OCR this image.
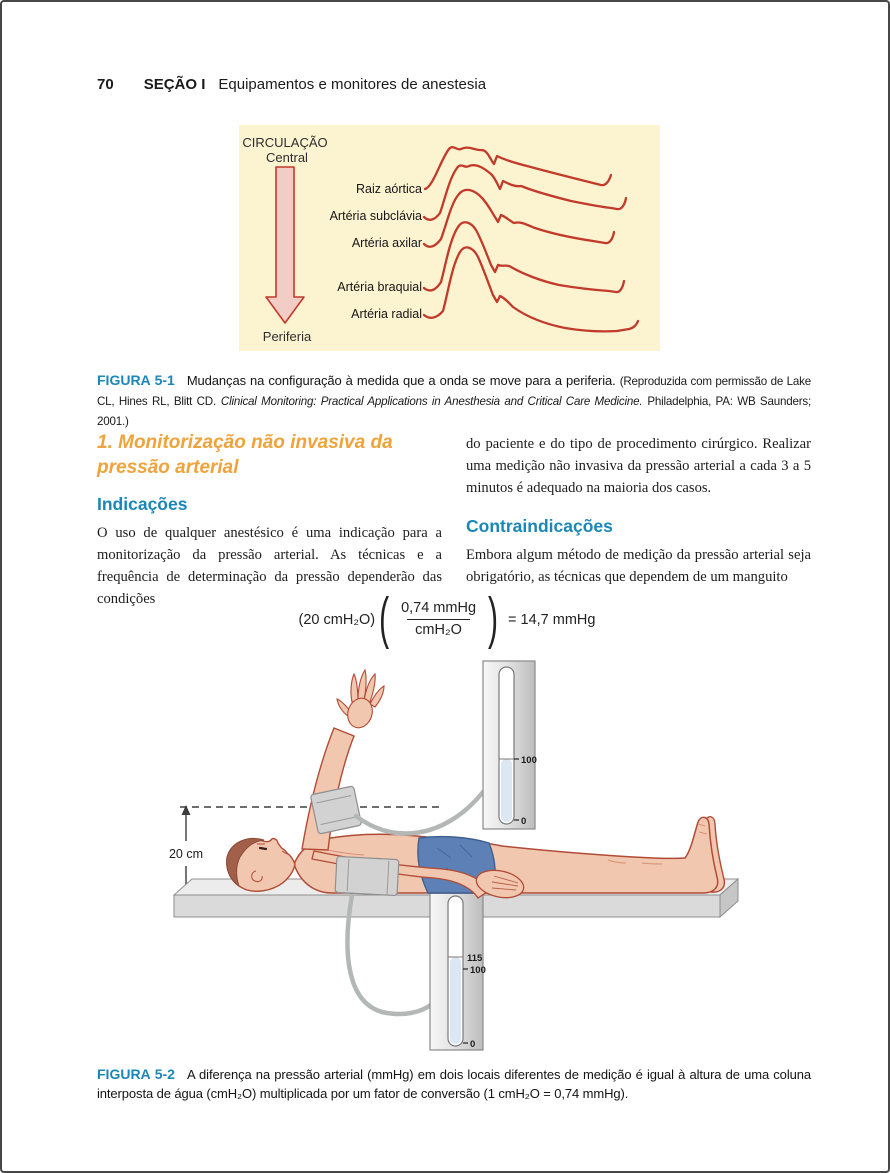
70 SEÇÃO I Equipamentos e monitores de anestesia
CIRCULAÇÃO
Central
Periferia
Raiz aórtica
Artéria subclávia
Artéria axilar
Artéria braquial
Artéria radial

FIGURA 5-1 Mudanças na configuração à medida que a onda se move para a periferia. (Reproduzida com permissão de Lake CL, Hines RL, Blitt CD. Clinical Monitoring: Practical Applications in Anesthesia and Critical Care Medicine. Philadelphia, PA: WB Saunders; 2001.)

1. Monitorização não invasiva da pressão arterial
Indicações

O uso de qualquer anestésico é uma indicação para a monitorização da pressão arterial. As técnicas e a frequência de determinação da pressão dependerão das condições

do paciente e do tipo de procedimento cirúrgico. Realizar uma medição não invasiva da pressão arterial a cada 3 a 5 minutos é adequado na maioria dos casos.

Contraindicações

Embora algum método de medição da pressão arterial seja obrigatório, as técnicas que dependem de um manguito

(20 cmH₂O) ( $\frac{\text{0,74 mmHg}}{\text{cmH₂O}}$ ) = 14,7 mmHg
20 cm
115
100
0
100
0

FIGURA 5-2 A diferença na pressão arterial (mmHg) em dois locais diferentes de medição é igual à altura de uma coluna interposta de água (cmH₂O) multiplicada por um fator de conversão (1 cmH₂O = 0,74 mmHg).
